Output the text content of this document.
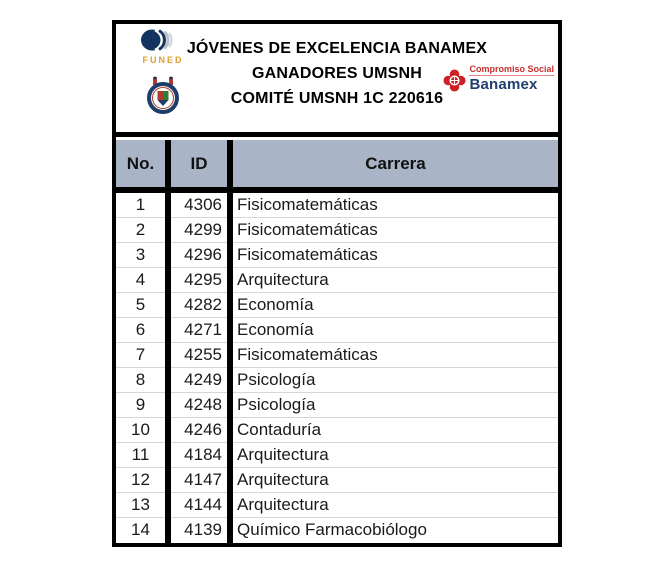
FUNED
JÓVENES DE EXCELENCIA BANAMEX
GANADORES UMSNH
COMITÉ UMSNH 1C 220616
Compromiso Social
Banamex
No.	ID	Carrera
1	4306 Fisicomatemáticas
2	4299 Fisicomatemáticas
3	4296 Fisicomatemáticas
4	4295 Arquitectura
5	4282 Economía
6	4271 Economía
7	4255 Fisicomatemáticas
8	4249 Psicología
9	4248 Psicología
10	4246 Contaduría
11	4184 Arquitectura
12	4147 Arquitectura
13	4144 Arquitectura
14	4139 Químico Farmacobiólogo
